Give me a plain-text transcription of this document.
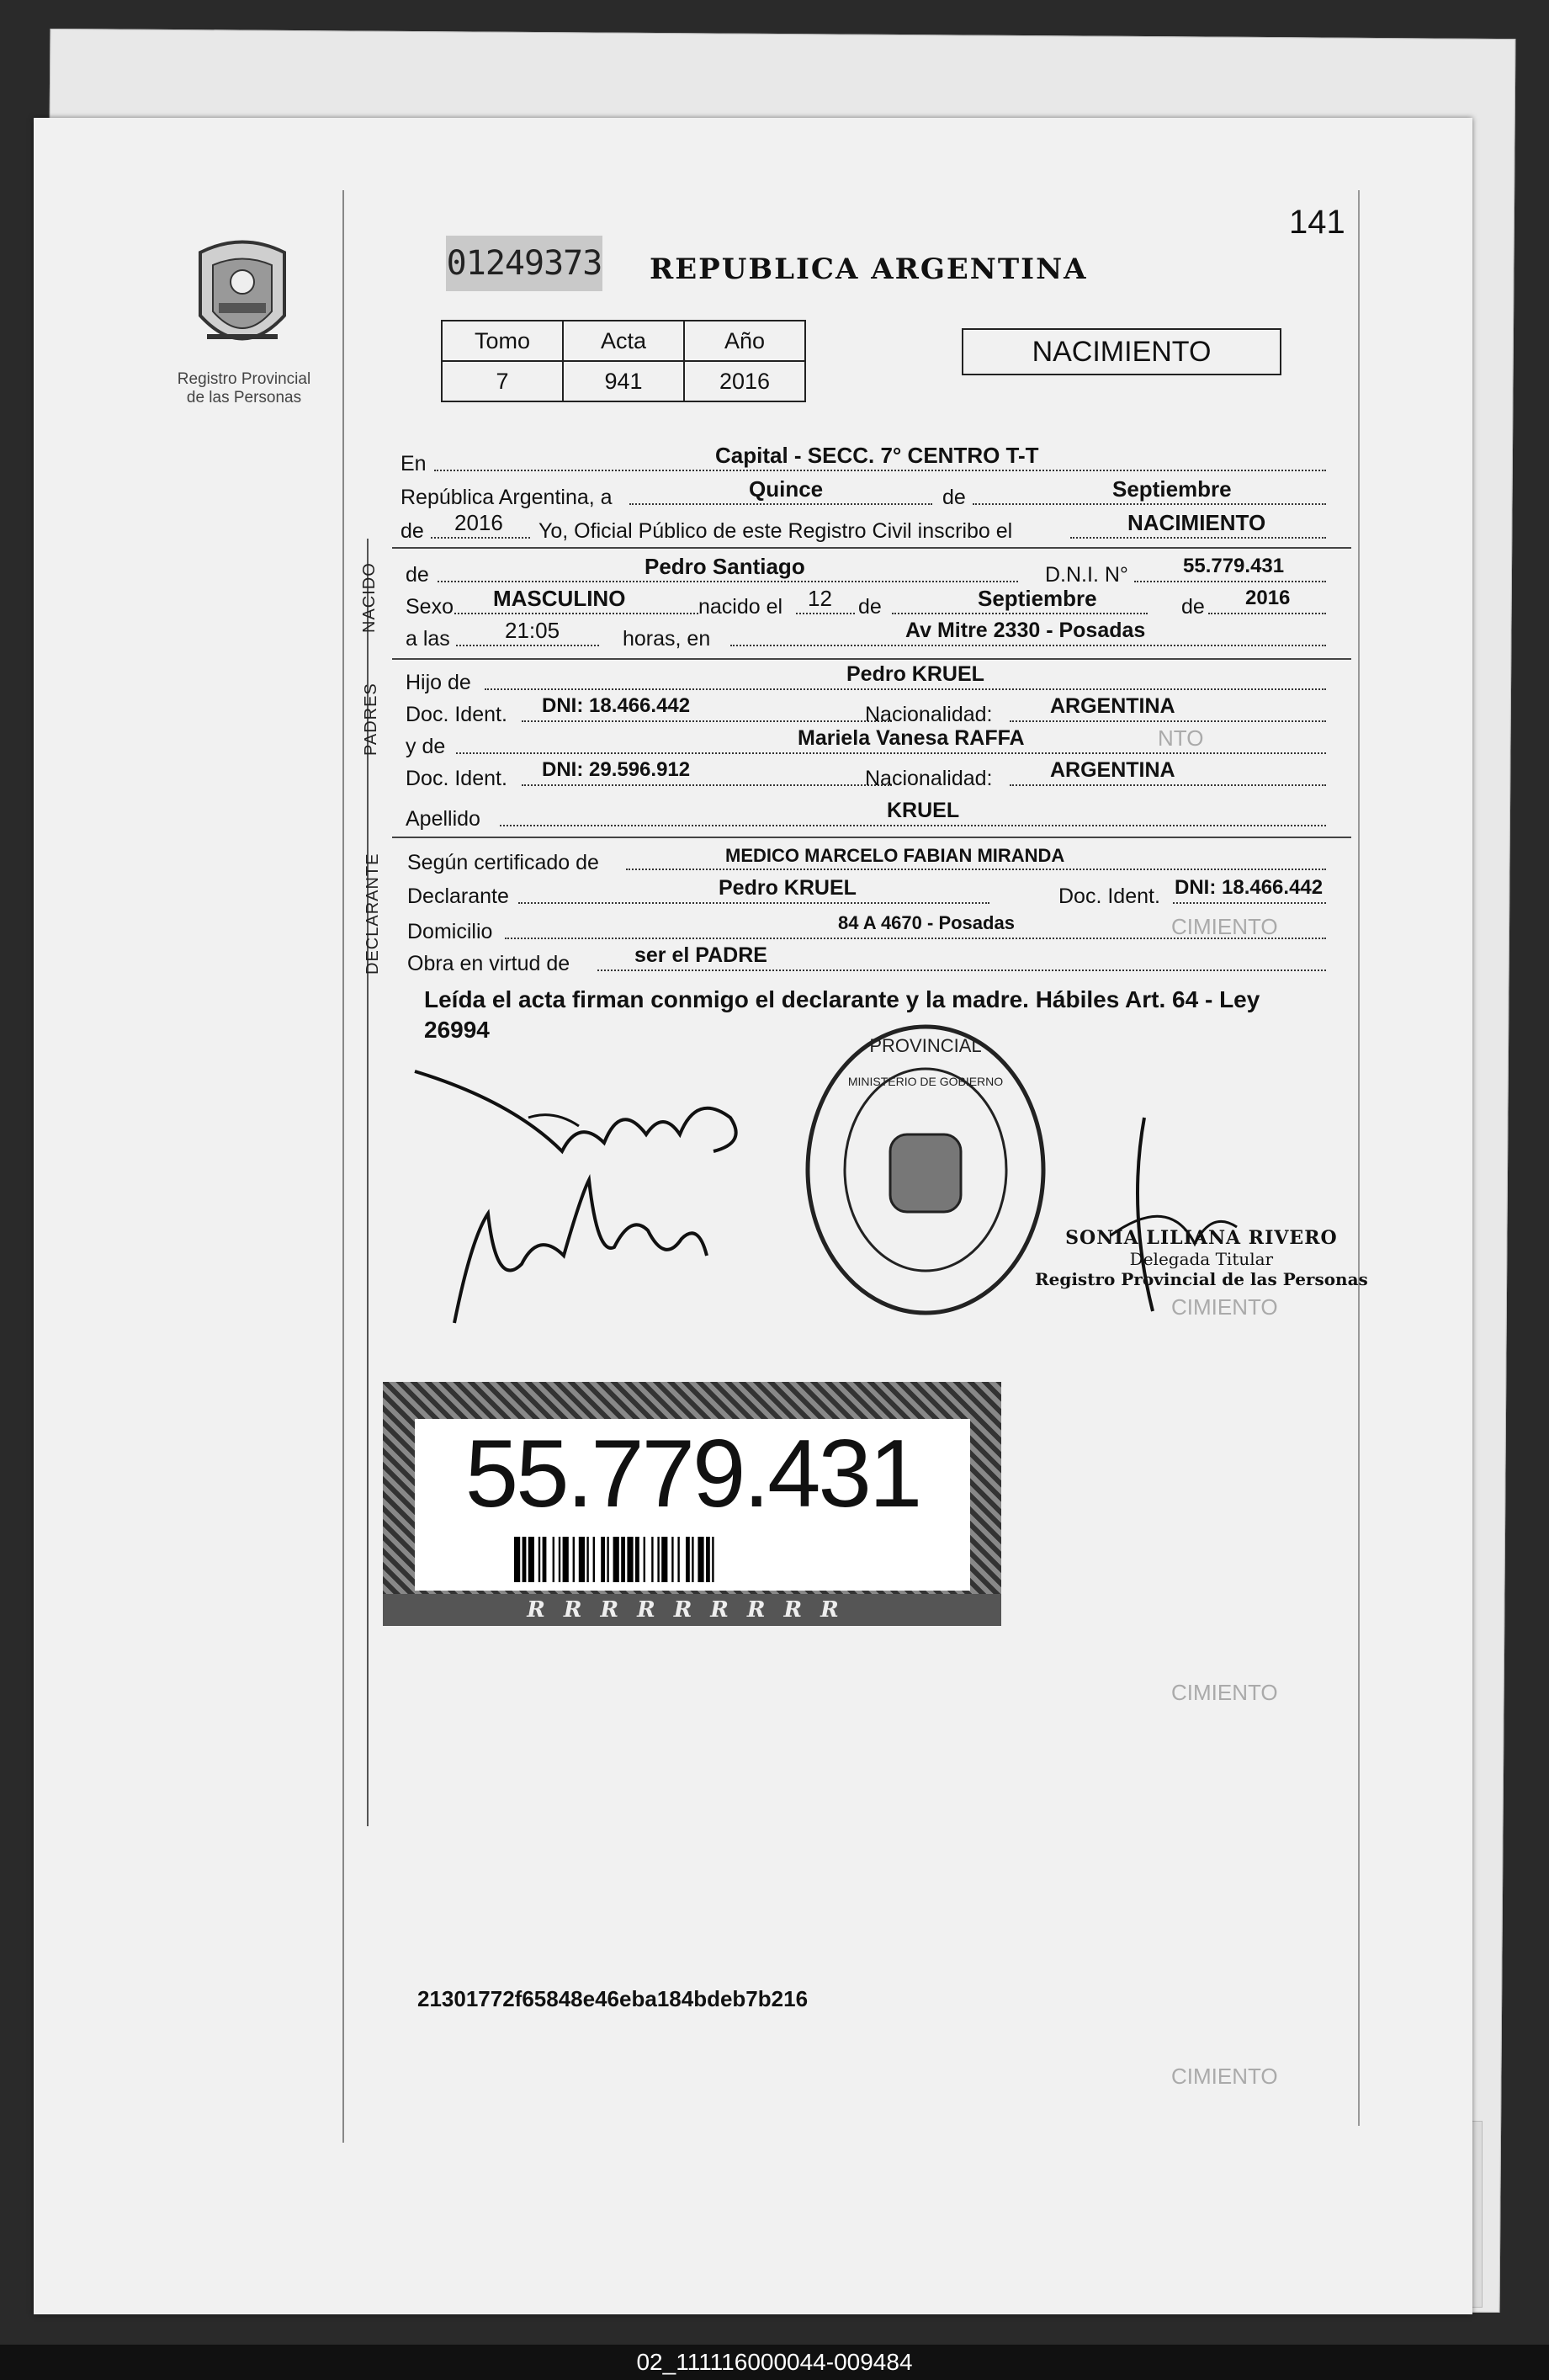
Registro Provincial
de las Personas
01249373 REPUBLICA ARGENTINA
141
Tomo	Acta	Año
7	941	2016
NACIMIENTO
En	Capital - SECC. 7° CENTRO T-T
República Argentina, a	Quince	de	Septiembre
de 2016 Yo, Oficial Público de este Registro Civil inscribo el	NACIMIENTO
NACIDO de	Pedro Santiago	D.N.I. N°	55.779.431
Sexo MASCULINO	nacido el 12 de	Septiembre	de 2016
a las	21:05	horas, en	Av Mitre 2330 - Posadas
PADRES
Hijo de	Pedro KRUEL
Doc. Ident. DNI: 18.466.442	Nacionalidad:	ARGENTINA
y de	Mariela Vanesa RAFFA
Doc. Ident. DNI: 29.596.912	Nacionalidad:	ARGENTINA
Apellido	KRUEL
DECLARANTE Según certificado de	MEDICO MARCELO FABIAN MIRANDA
Declarante	Pedro KRUEL	Doc. Ident. DNI: 18.466.442
Domicilio	84 A 4670 - Posadas
Obra en virtud de	ser el PADRE
Leída el acta firman conmigo el declarante y la madre. Hábiles Art. 64 - Ley 26994
PROVINCIAL
MINISTERIO DE GOBIERNO
SONIA LILIANA RIVERO
Delegada Titular
Registro Provincial de las Personas
55.779.431
RRRRRRRRR
CIMIENTO
NTO
CIMIENTO
CIMIENTO
CIMIENTO
21301772f65848e46eba184bdeb7b216
02_111116000044-009484
